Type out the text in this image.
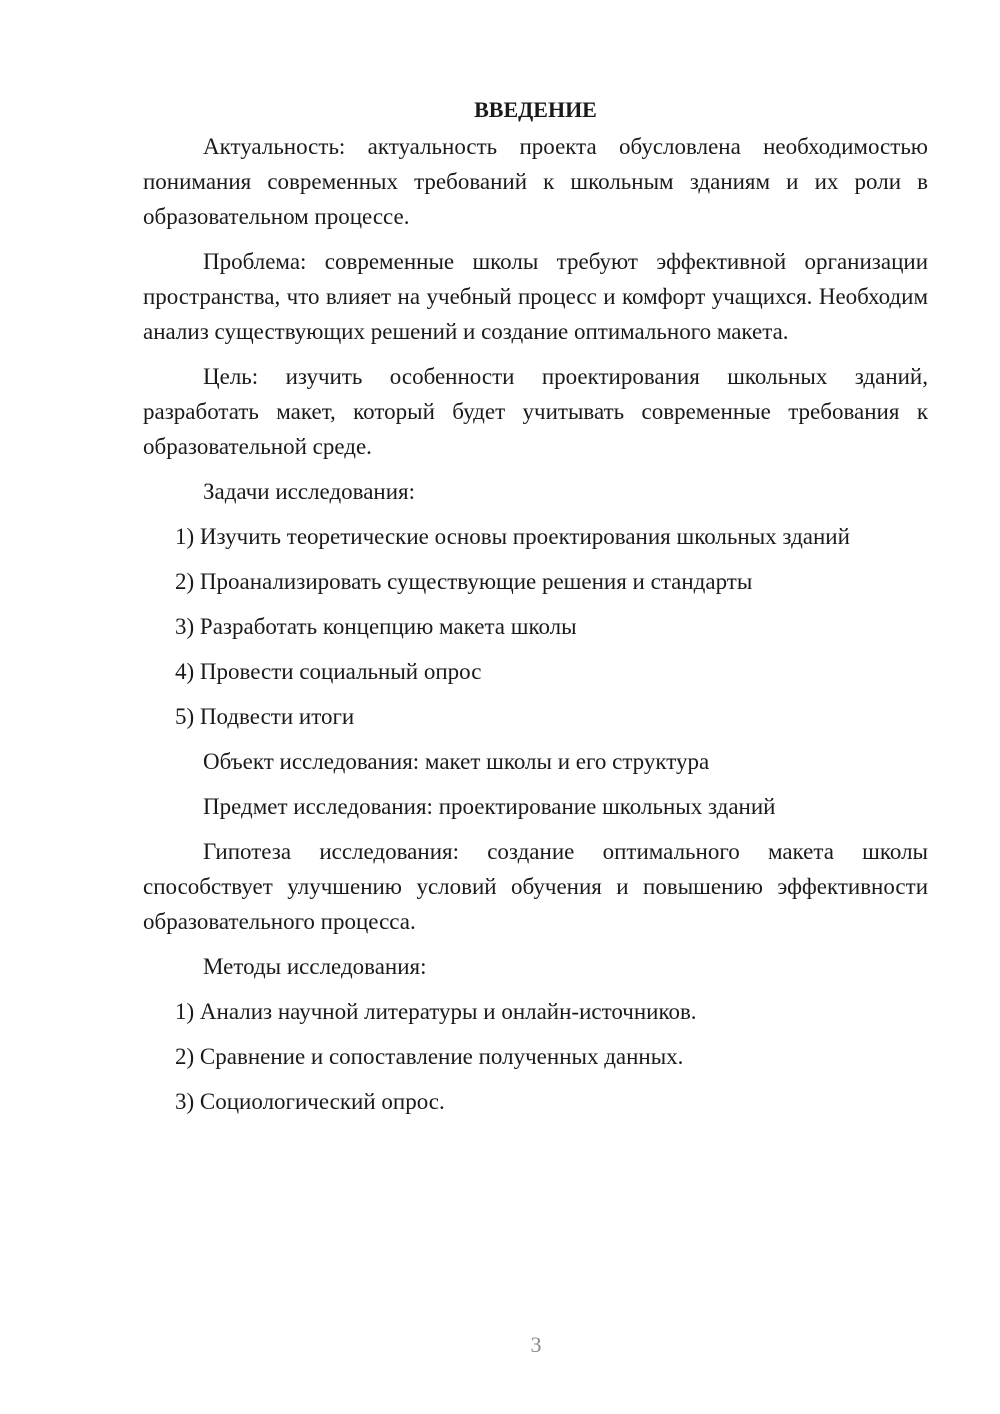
ВВЕДЕНИЕ

Актуальность: актуальность проекта обусловлена необходимостью понимания современных требований к школьным зданиям и их роли в образовательном процессе.

Проблема: современные школы требуют эффективной организации пространства, что влияет на учебный процесс и комфорт учащихся. Необходим анализ существующих решений и создание оптимального макета.

Цель: изучить особенности проектирования школьных зданий, разработать макет, который будет учитывать современные требования к образовательной среде.

Задачи исследования:

1) Изучить теоретические основы проектирования школьных зданий

2) Проанализировать существующие решения и стандарты

3) Разработать концепцию макета школы

4) Провести социальный опрос

5) Подвести итоги

Объект исследования: макет школы и его структура

Предмет исследования: проектирование школьных зданий

Гипотеза исследования: создание оптимального макета школы способствует улучшению условий обучения и повышению эффективности образовательного процесса.

Методы исследования:

1) Анализ научной литературы и онлайн-источников.

2) Сравнение и сопоставление полученных данных.

3) Социологический опрос.

3
